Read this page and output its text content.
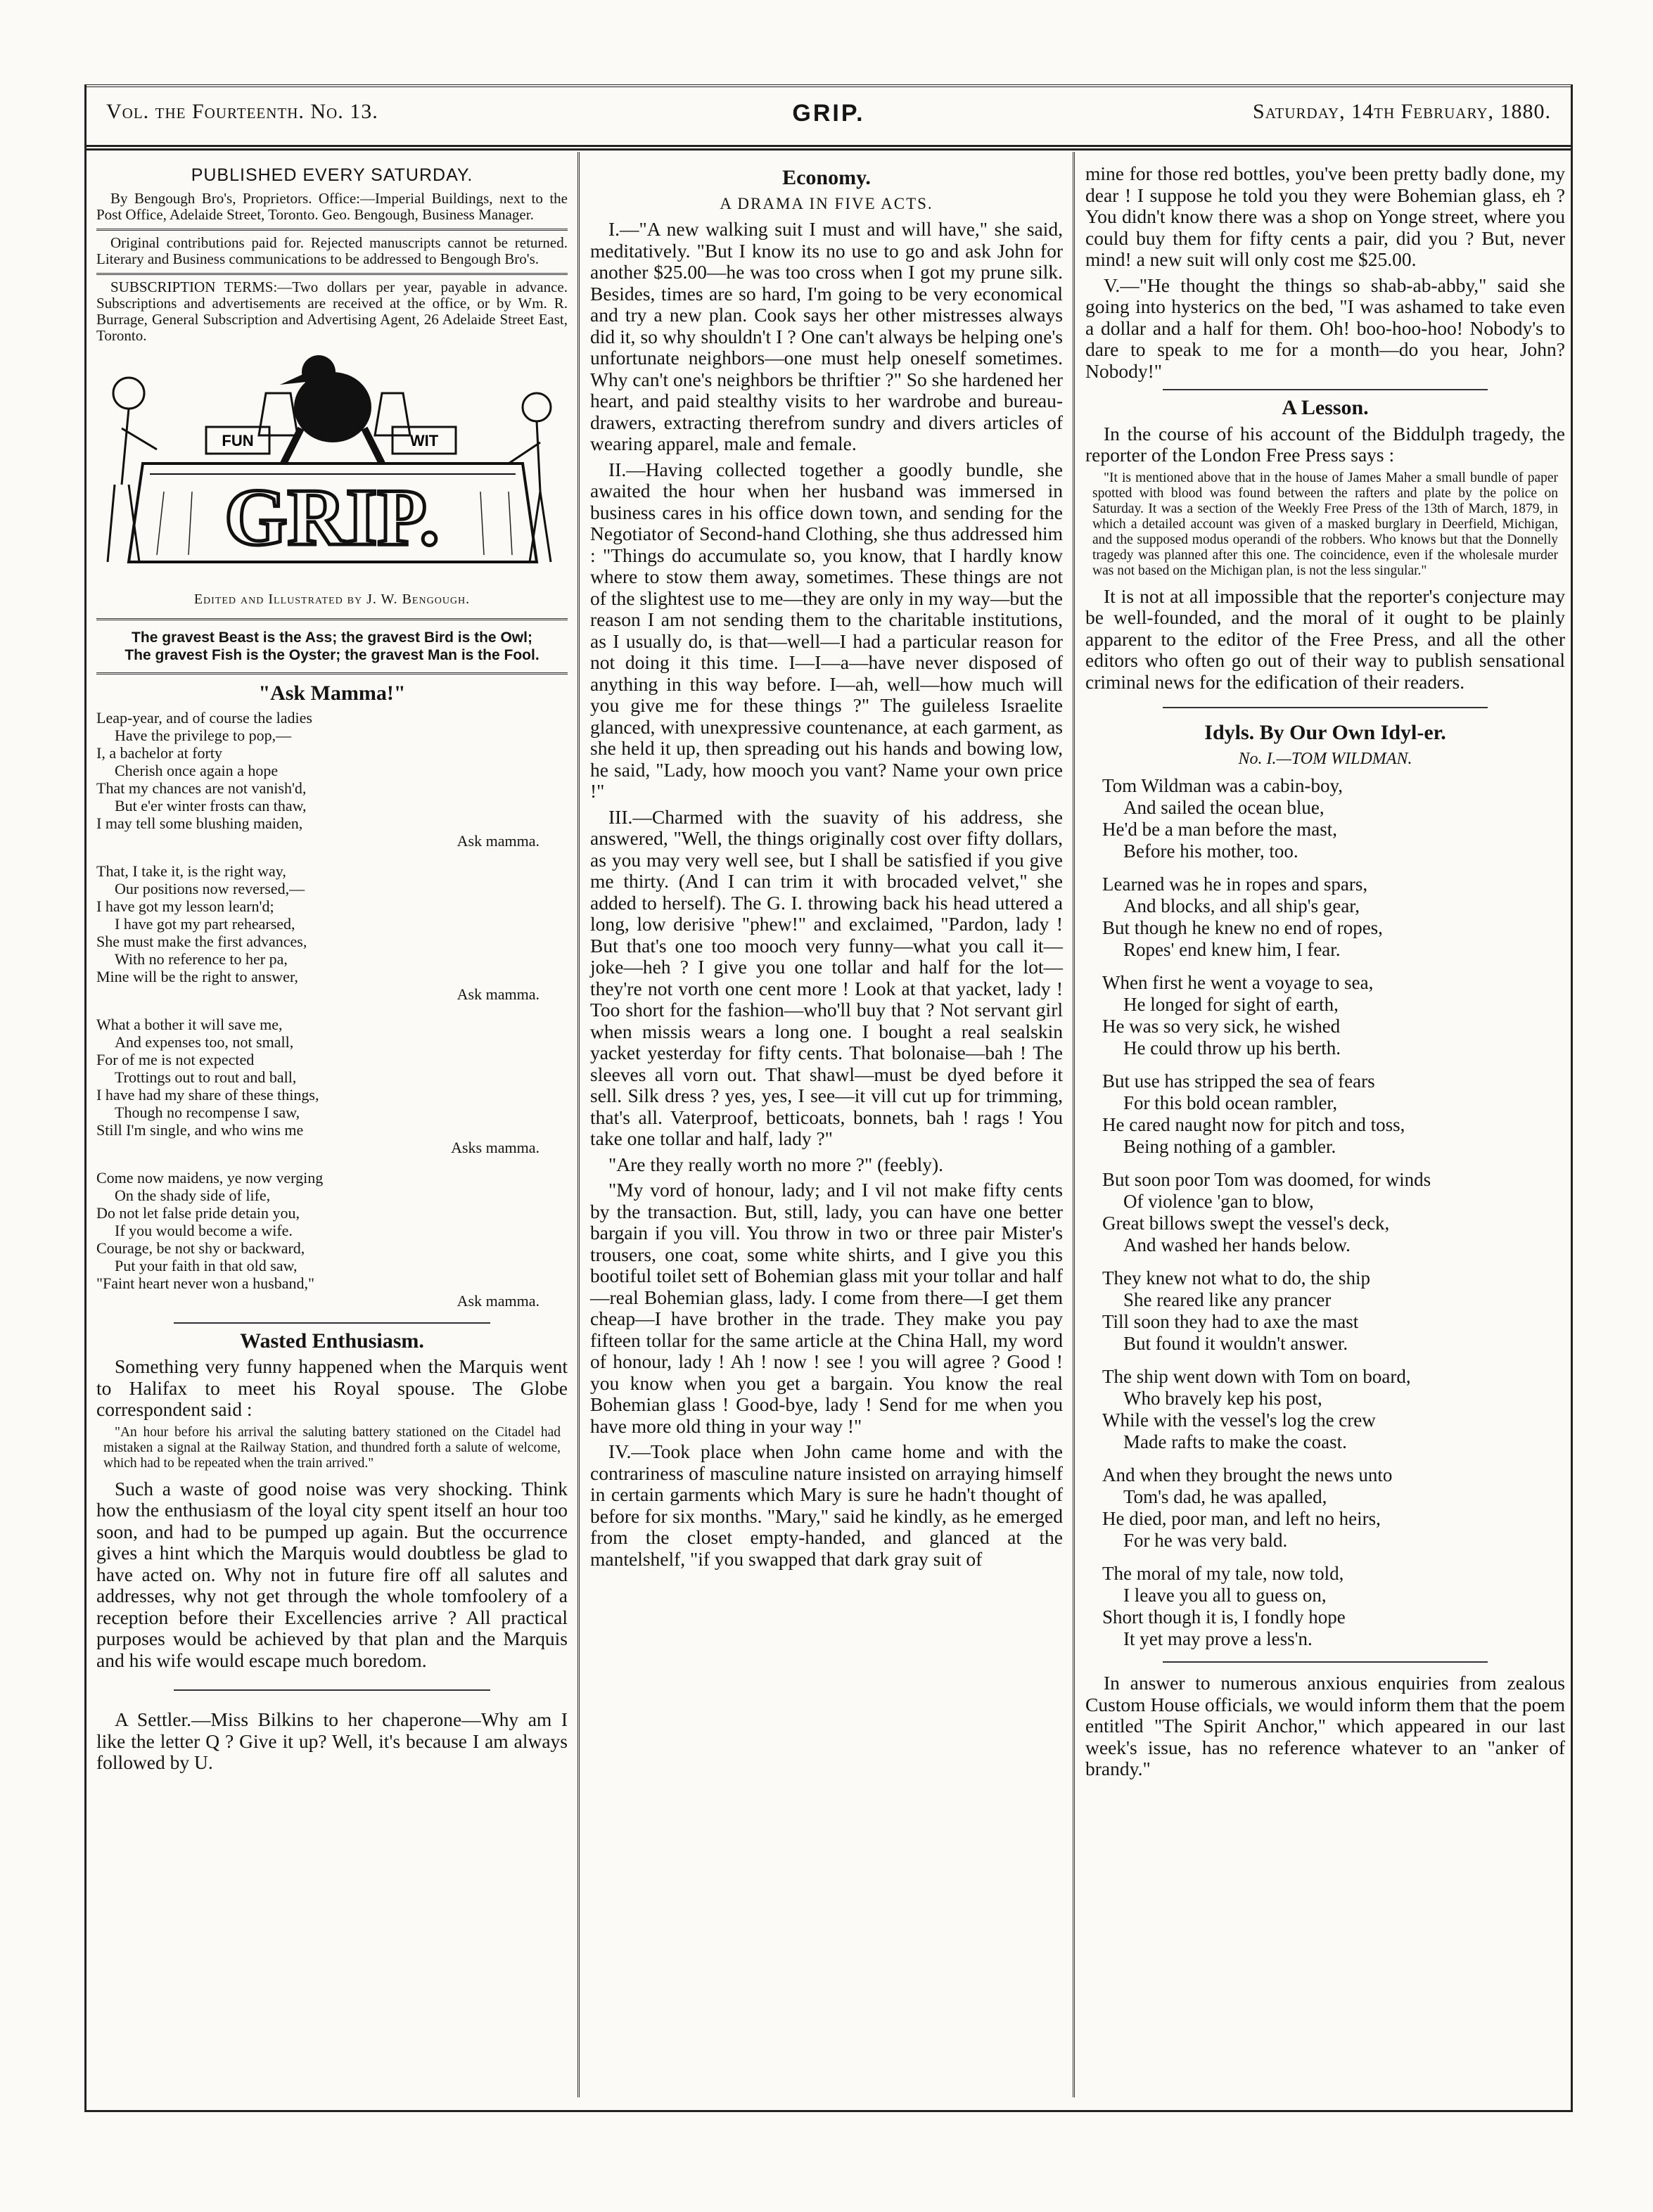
Vol. the Fourteenth. No. 13.	GRIP.	Saturday, 14th February, 1880.
PUBLISHED EVERY SATURDAY.

By Bengough Bro's, Proprietors. Office:—Imperial Buildings, next to the Post Office, Adelaide Street, Toronto. Geo. Bengough, Business Manager.

Original contributions paid for. Rejected manuscripts cannot be returned. Literary and Business communications to be addressed to Bengough Bro's.

SUBSCRIPTION TERMS:—Two dollars per year, payable in advance. Subscriptions and advertisements are received at the office, or by Wm. R. Burrage, General Subscription and Advertising Agent, 26 Adelaide Street East, Toronto.

GRIP.
FUN	WIT
Edited and Illustrated by J. W. Bengough.
The gravest Beast is the Ass; the gravest Bird is the Owl;
The gravest Fish is the Oyster; the gravest Man is the Fool.
"Ask Mamma!"
Leap-year, and of course the ladies
Have the privilege to pop,—
I, a bachelor at forty
Cherish once again a hope
That my chances are not vanish'd,
But e'er winter frosts can thaw,
I may tell some blushing maiden,
Ask mamma.
That, I take it, is the right way,
Our positions now reversed,—
I have got my lesson learn'd;
I have got my part rehearsed,
She must make the first advances,
With no reference to her pa,
Mine will be the right to answer,
Ask mamma.
What a bother it will save me,
And expenses too, not small,
For of me is not expected
Trottings out to rout and ball,
I have had my share of these things,
Though no recompense I saw,
Still I'm single, and who wins me
Asks mamma.
Come now maidens, ye now verging
On the shady side of life,
Do not let false pride detain you,
If you would become a wife.
Courage, be not shy or backward,
Put your faith in that old saw,
"Faint heart never won a husband,"
Ask mamma.
Wasted Enthusiasm.

Something very funny happened when the Marquis went to Halifax to meet his Royal spouse. The Globe correspondent said :

"An hour before his arrival the saluting battery stationed on the Citadel had mistaken a signal at the Railway Station, and thundred forth a salute of welcome, which had to be repeated when the train arrived."

Such a waste of good noise was very shocking. Think how the enthusiasm of the loyal city spent itself an hour too soon, and had to be pumped up again. But the occurrence gives a hint which the Marquis would doubtless be glad to have acted on. Why not in future fire off all salutes and addresses, why not get through the whole tomfoolery of a reception before their Excellencies arrive ? All practical purposes would be achieved by that plan and the Marquis and his wife would escape much boredom.

A Settler.—Miss Bilkins to her chaperone—Why am I like the letter Q ? Give it up? Well, it's because I am always followed by U.

Economy.
A DRAMA IN FIVE ACTS.

I.—"A new walking suit I must and will have," she said, meditatively. "But I know its no use to go and ask John for another $25.00—he was too cross when I got my prune silk. Besides, times are so hard, I'm going to be very economical and try a new plan. Cook says her other mistresses always did it, so why shouldn't I ? One can't always be helping one's unfortunate neighbors—one must help oneself sometimes. Why can't one's neighbors be thriftier ?" So she hardened her heart, and paid stealthy visits to her wardrobe and bureau-drawers, extracting therefrom sundry and divers articles of wearing apparel, male and female.

II.—Having collected together a goodly bundle, she awaited the hour when her husband was immersed in business cares in his office down town, and sending for the Negotiator of Second-hand Clothing, she thus addressed him : "Things do accumulate so, you know, that I hardly know where to stow them away, sometimes. These things are not of the slightest use to me—they are only in my way—but the reason I am not sending them to the charitable institutions, as I usually do, is that—well—I had a particular reason for not doing it this time. I—I—a—have never disposed of anything in this way before. I—ah, well—how much will you give me for these things ?" The guileless Israelite glanced, with unexpressive countenance, at each garment, as she held it up, then spreading out his hands and bowing low, he said, "Lady, how mooch you vant? Name your own price !"

III.—Charmed with the suavity of his address, she answered, "Well, the things originally cost over fifty dollars, as you may very well see, but I shall be satisfied if you give me thirty. (And I can trim it with brocaded velvet," she added to herself). The G. I. throwing back his head uttered a long, low derisive "phew!" and exclaimed, "Pardon, lady ! But that's one too mooch very funny—what you call it—joke—heh ? I give you one tollar and half for the lot—they're not vorth one cent more ! Look at that yacket, lady ! Too short for the fashion—who'll buy that ? Not servant girl when missis wears a long one. I bought a real sealskin yacket yesterday for fifty cents. That bolonaise—bah ! The sleeves all vorn out. That shawl—must be dyed before it sell. Silk dress ? yes, yes, I see—it vill cut up for trimming, that's all. Vaterproof, betticoats, bonnets, bah ! rags ! You take one tollar and half, lady ?"

"Are they really worth no more ?" (feebly).

"My vord of honour, lady; and I vil not make fifty cents by the transaction. But, still, lady, you can have one better bargain if you vill. You throw in two or three pair Mister's trousers, one coat, some white shirts, and I give you this bootiful toilet sett of Bohemian glass mit your tollar and half—real Bohemian glass, lady. I come from there—I get them cheap—I have brother in the trade. They make you pay fifteen tollar for the same article at the China Hall, my word of honour, lady ! Ah ! now ! see ! you will agree ? Good ! you know when you get a bargain. You know the real Bohemian glass ! Good-bye, lady ! Send for me when you have more old thing in your way !"

IV.—Took place when John came home and with the contrariness of masculine nature insisted on arraying himself in certain garments which Mary is sure he hadn't thought of before for six months. "Mary," said he kindly, as he emerged from the closet empty-handed, and glanced at the mantelshelf, "if you swapped that dark gray suit of

mine for those red bottles, you've been pretty badly done, my dear ! I suppose he told you they were Bohemian glass, eh ? You didn't know there was a shop on Yonge street, where you could buy them for fifty cents a pair, did you ? But, never mind! a new suit will only cost me $25.00.

V.—"He thought the things so shab-ab-abby," said she going into hysterics on the bed, "I was ashamed to take even a dollar and a half for them. Oh! boo-hoo-hoo! Nobody's to dare to speak to me for a month—do you hear, John? Nobody!"

A Lesson.

In the course of his account of the Biddulph tragedy, the reporter of the London Free Press says :

"It is mentioned above that in the house of James Maher a small bundle of paper spotted with blood was found between the rafters and plate by the police on Saturday. It was a section of the Weekly Free Press of the 13th of March, 1879, in which a detailed account was given of a masked burglary in Deerfield, Michigan, and the supposed modus operandi of the robbers. Who knows but that the Donnelly tragedy was planned after this one. The coincidence, even if the wholesale murder was not based on the Michigan plan, is not the less singular."

It is not at all impossible that the reporter's conjecture may be well-founded, and the moral of it ought to be plainly apparent to the editor of the Free Press, and all the other editors who often go out of their way to publish sensational criminal news for the edification of their readers.

Idyls. By Our Own Idyl-er.
No. I.—TOM WILDMAN.
Tom Wildman was a cabin-boy,
And sailed the ocean blue,
He'd be a man before the mast,
Before his mother, too.
Learned was he in ropes and spars,
And blocks, and all ship's gear,
But though he knew no end of ropes,
Ropes' end knew him, I fear.
When first he went a voyage to sea,
He longed for sight of earth,
He was so very sick, he wished
He could throw up his berth.
But use has stripped the sea of fears
For this bold ocean rambler,
He cared naught now for pitch and toss,
Being nothing of a gambler.
But soon poor Tom was doomed, for winds
Of violence 'gan to blow,
Great billows swept the vessel's deck,
And washed her hands below.
They knew not what to do, the ship
She reared like any prancer
Till soon they had to axe the mast
But found it wouldn't answer.
The ship went down with Tom on board,
Who bravely kep his post,
While with the vessel's log the crew
Made rafts to make the coast.
And when they brought the news unto
Tom's dad, he was apalled,
He died, poor man, and left no heirs,
For he was very bald.
The moral of my tale, now told,
I leave you all to guess on,
Short though it is, I fondly hope
It yet may prove a less'n.

In answer to numerous anxious enquiries from zealous Custom House officials, we would inform them that the poem entitled "The Spirit Anchor," which appeared in our last week's issue, has no reference whatever to an "anker of brandy."
